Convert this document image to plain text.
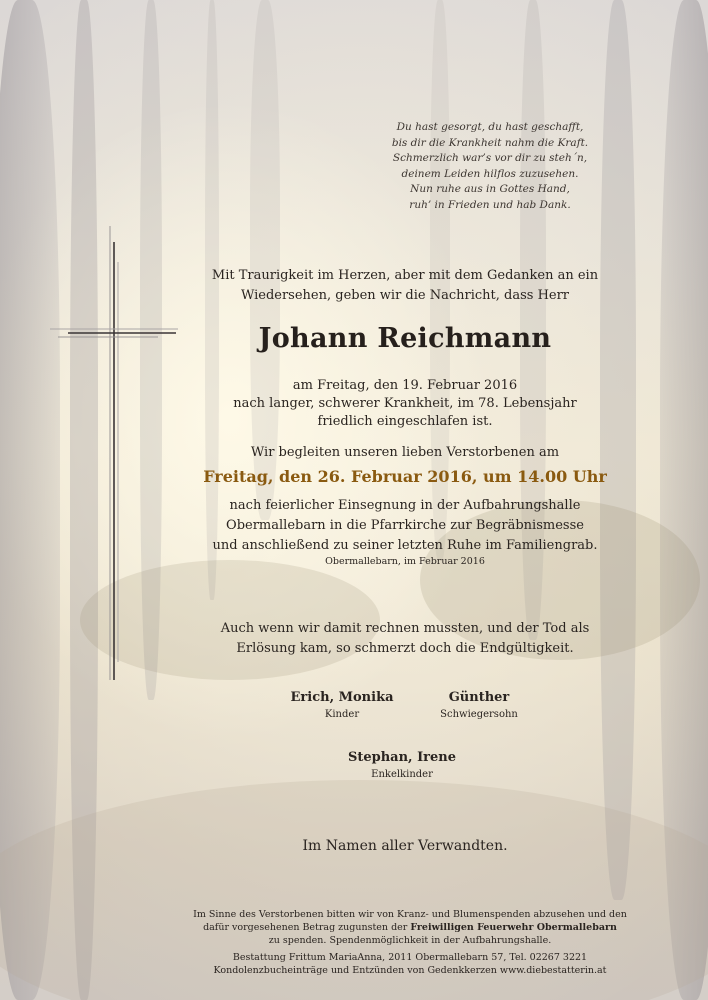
Du hast gesorgt, du hast geschafft,
bis dir die Krankheit nahm die Kraft.
Schmerzlich war’s vor dir zu steh´n,
deinem Leiden hilflos zuzusehen.
Nun ruhe aus in Gottes Hand,
ruh’ in Frieden und hab Dank.
Mit Traurigkeit im Herzen, aber mit dem Gedanken an ein
Wiedersehen, geben wir die Nachricht, dass Herr
Johann Reichmann
am Freitag, den 19. Februar 2016
nach langer, schwerer Krankheit, im 78. Lebensjahr
friedlich eingeschlafen ist.
Wir begleiten unseren lieben Verstorbenen am
Freitag, den 26. Februar 2016, um 14.00 Uhr
nach feierlicher Einsegnung in der Aufbahrungshalle
Obermallebarn in die Pfarrkirche zur Begräbnismesse
und anschließend zu seiner letzten Ruhe im Familiengrab.
Obermallebarn, im Februar 2016
Auch wenn wir damit rechnen mussten, und der Tod als
Erlösung kam, so schmerzt doch die Endgültigkeit.
Erich, Monika
Kinder
Günther
Schwiegersohn
Stephan, Irene
Enkelkinder
Im Namen aller Verwandten.
Im Sinne des Verstorbenen bitten wir von Kranz- und Blumenspenden abzusehen und den
dafür vorgesehenen Betrag zugunsten der Freiwilligen Feuerwehr Obermallebarn
zu spenden. Spendenmöglichkeit in der Aufbahrungshalle.
Bestattung Frittum MariaAnna, 2011 Obermallebarn 57, Tel. 02267 3221
Kondolenzbucheinträge und Entzünden von Gedenkkerzen www.diebestatterin.at
